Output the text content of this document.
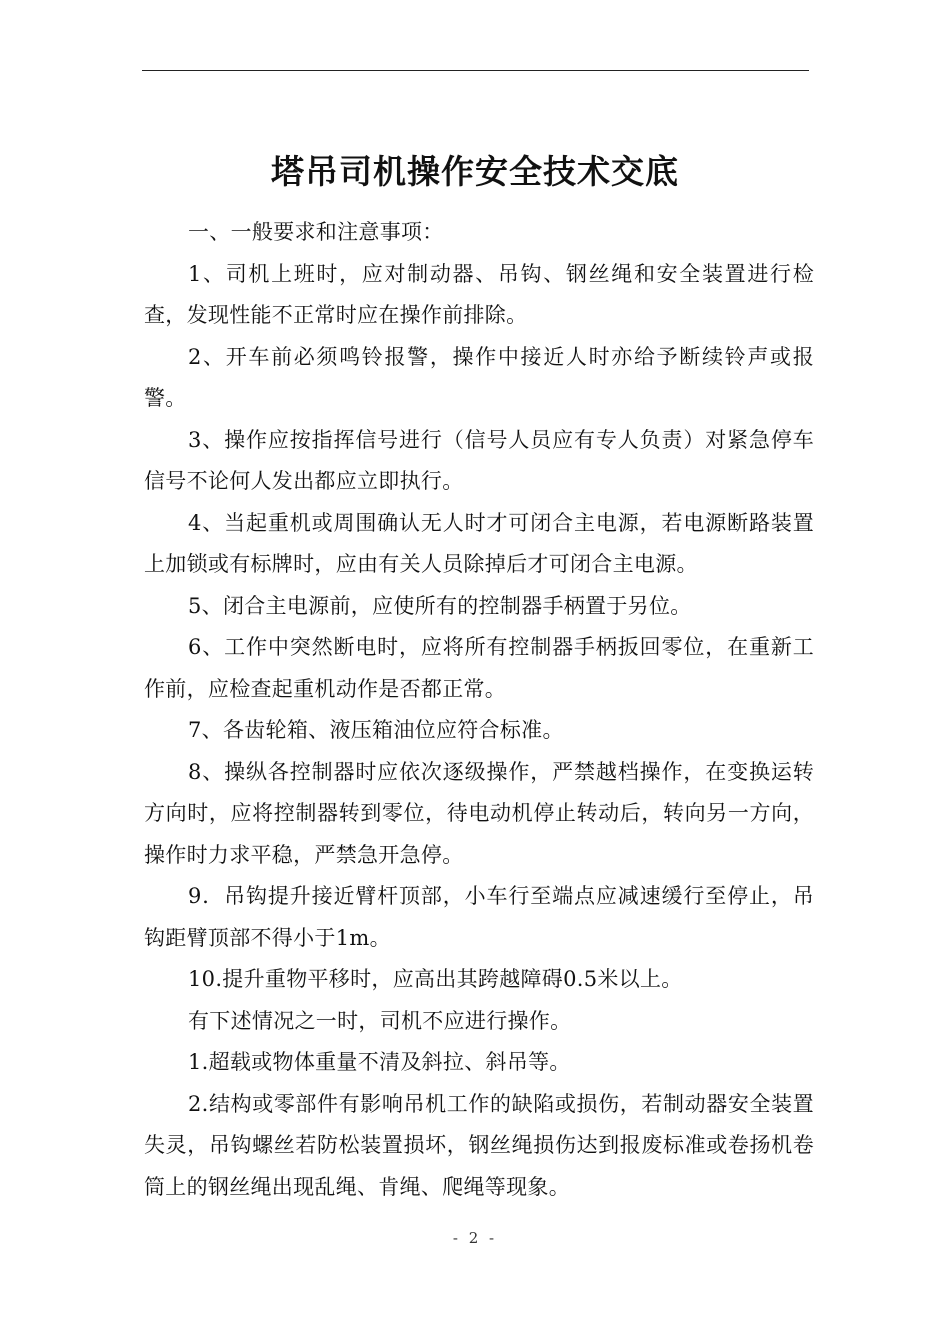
塔吊司机操作安全技术交底

一、一般要求和注意事项：

1、司机上班时，应对制动器、吊钩、钢丝绳和安全装置进行检查，发现性能不正常时应在操作前排除。

2、开车前必须鸣铃报警，操作中接近人时亦给予断续铃声或报警。

3、操作应按指挥信号进行（信号人员应有专人负责）对紧急停车信号不论何人发出都应立即执行。

4、当起重机或周围确认无人时才可闭合主电源，若电源断路装置上加锁或有标牌时，应由有关人员除掉后才可闭合主电源。

5、闭合主电源前，应使所有的控制器手柄置于另位。

6、工作中突然断电时，应将所有控制器手柄扳回零位，在重新工作前，应检查起重机动作是否都正常。

7、各齿轮箱、液压箱油位应符合标准。

8、操纵各控制器时应依次逐级操作，严禁越档操作，在变换运转方向时，应将控制器转到零位，待电动机停止转动后，转向另一方向，操作时力求平稳，严禁急开急停。

9．吊钩提升接近臂杆顶部，小车行至端点应减速缓行至停止，吊钩距臂顶部不得小于1m。

10.提升重物平移时，应高出其跨越障碍0.5米以上。

有下述情况之一时，司机不应进行操作。

1.超载或物体重量不清及斜拉、斜吊等。

2.结构或零部件有影响吊机工作的缺陷或损伤，若制动器安全装置失灵，吊钩螺丝若防松装置损坏，钢丝绳损伤达到报废标准或卷扬机卷筒上的钢丝绳出现乱绳、肯绳、爬绳等现象。

- 2 -
